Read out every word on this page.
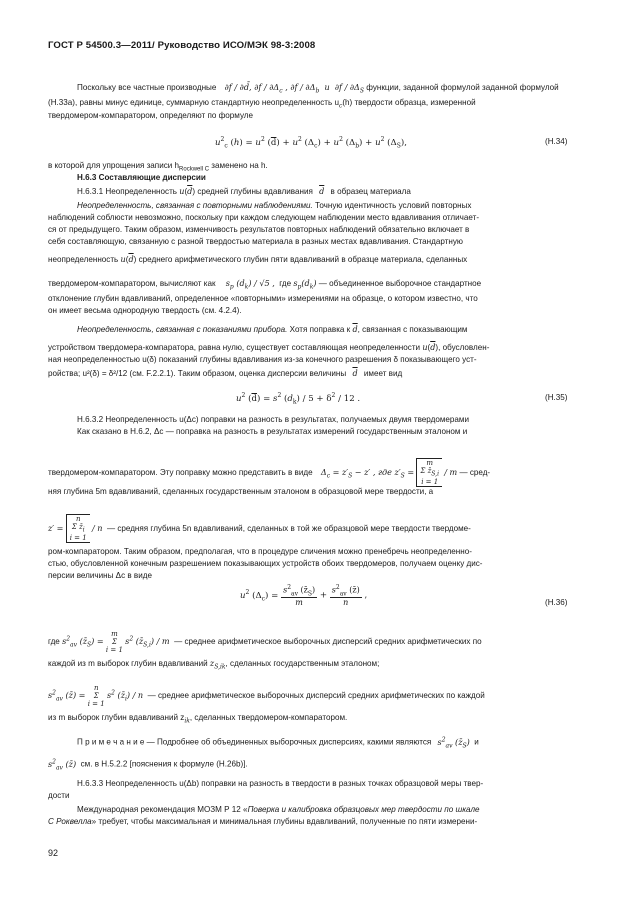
ГОСТ Р 54500.3—2011/ Руководство ИСО/МЭК 98-3:2008
Поскольку все частные производные ∂f / ∂d̄, $\partial f / \partial\Delta_c$ , $\partial f / \partial\Delta_b$  и  $\partial f / \partial\Delta_S$ функции, заданной формулой заданной формулой
(Н.33а), равны минус единице, суммарную стандартную неопределенность $u_c(h)$ твердости образца, измеренной
твердомером-компаратором, определяют по формуле
$u^2_c$ $(h) = u^2$ $(\overline{d}) + u^2$ $(\Delta_c) + u^2$ $(\Delta_b) + u^2$ $(\Delta_S)$,	(Н.34)
в которой для упрощения записи $h_{Rockwell C}$ заменено на h.
Н.6.3 Составляющие дисперсии
Н.6.3.1 Неопределенность $u(\overline{d})$ средней глубины вдавливания $\overline{d}$ в образец материала
Неопределенность, связанная с повторными наблюдениями. Точную идентичность условий повторных
наблюдений соблюсти невозможно, поскольку при каждом следующем наблюдении место вдавливания отличает-
ся от предыдущего. Таким образом, изменчивость результатов повторных наблюдений обязательно включает в
себя составляющую, связанную с разной твердостью материала в разных местах вдавливания. Стандартную
неопределенность $u(\overline{d})$ среднего арифметического глубин пяти вдавливаний в образце материала, сделанных
твердомером-компаратором, вычисляют как $s_p$ $(d_k) / √5$ ,  где $s_p(d_k)$ — объединенное выборочное стандартное
отклонение глубин вдавливаний, определенное «повторными» измерениями на образце, о котором известно, что
он имеет весьма однородную твердость (см. 4.2.4).
Неопределенность, связанная с показаниями прибора. Хотя поправка к $\overline{d}$, связанная с показывающим
устройством твердомера-компаратора, равна нулю, существует составляющая неопределенности $u(\overline{d})$, обусловлен-
ная неопределенностью u(δ) показаний глубины вдавливания из-за конечного разрешения δ показывающего уст-
ройства; u²(δ) = δ²/12 (см. F.2.2.1). Таким образом, оценка дисперсии величины $\overline{d}$ имеет вид
$u^2$ $(\overline{d}) = s^2$ $(d_k) / 5 + \delta^2 / 12$ .	(Н.35)
Н.6.3.2 Неопределенность u(Δc) поправки на разность в результатах, получаемых двумя твердомерами
Как сказано в Н.6.2, Δc — поправка на разность в результатах измерений государственным эталоном и
твердомером-компаратором. Эту поправку можно представить в виде $\Delta_c = z'_S - z'$ , где $z'_S = m$
Σ $z̄_{S,i}$
i = 1 / m — сред-
няя глубина 5m вдавливаний, сделанных государственным эталоном в образцовой мере твердости, а
z′ = n
Σ $z̄_i$
i = 1 / n — средняя глубина 5n вдавливаний, сделанных в той же образцовой мере твердости твердоме-
ром-компаратором. Таким образом, предполагая, что в процедуре сличения можно пренебречь неопределенно-
стью, обусловленной конечным разрешением показывающих устройств обоих твердомеров, получаем оценку дис-
персии величины Δc в виде
$u^2$ $(\Delta_c) = \frac{s^2_{av} (z̄_S)}{m} + \frac{s^2_{av} (z̄)}{n}$ ,
(Н.36)
где $s^2_{av}$ $(z̄_S) = m$
Σ
i = 1 $s^2$ $(z̄_{S,i})$ / m — среднее арифметическое выборочных дисперсий средних арифметических по
каждой из m выборок глубин вдавливаний $z_{S,ik}$, сделанных государственным эталоном;
$s^2_{av}$ (z̄) = n
Σ
i = 1 $s^2$ $(z̄_i)$ / n — среднее арифметическое выборочных дисперсий средних арифметических по каждой
из m выборок глубин вдавливаний $z_{ik}$, сделанных твердомером-компаратором.
П р и м е ч а н и е — Подробнее об объединенных выборочных дисперсиях, какими являются $s^2_{av}$ $(z̄_S)$  и
$s^2_{av}$ (z̄) см. в Н.5.2.2 [пояснения к формуле (Н.26b)].
Н.6.3.3 Неопределенность u(Δb) поправки на разность в твердости в разных точках образцовой меры твер-
дости
Международная рекомендация МОЗМ Р 12 «Поверка и калибровка образцовых мер твердости по шкале
С Роквелла» требует, чтобы максимальная и минимальная глубины вдавливаний, полученные по пяти измерени-
92
